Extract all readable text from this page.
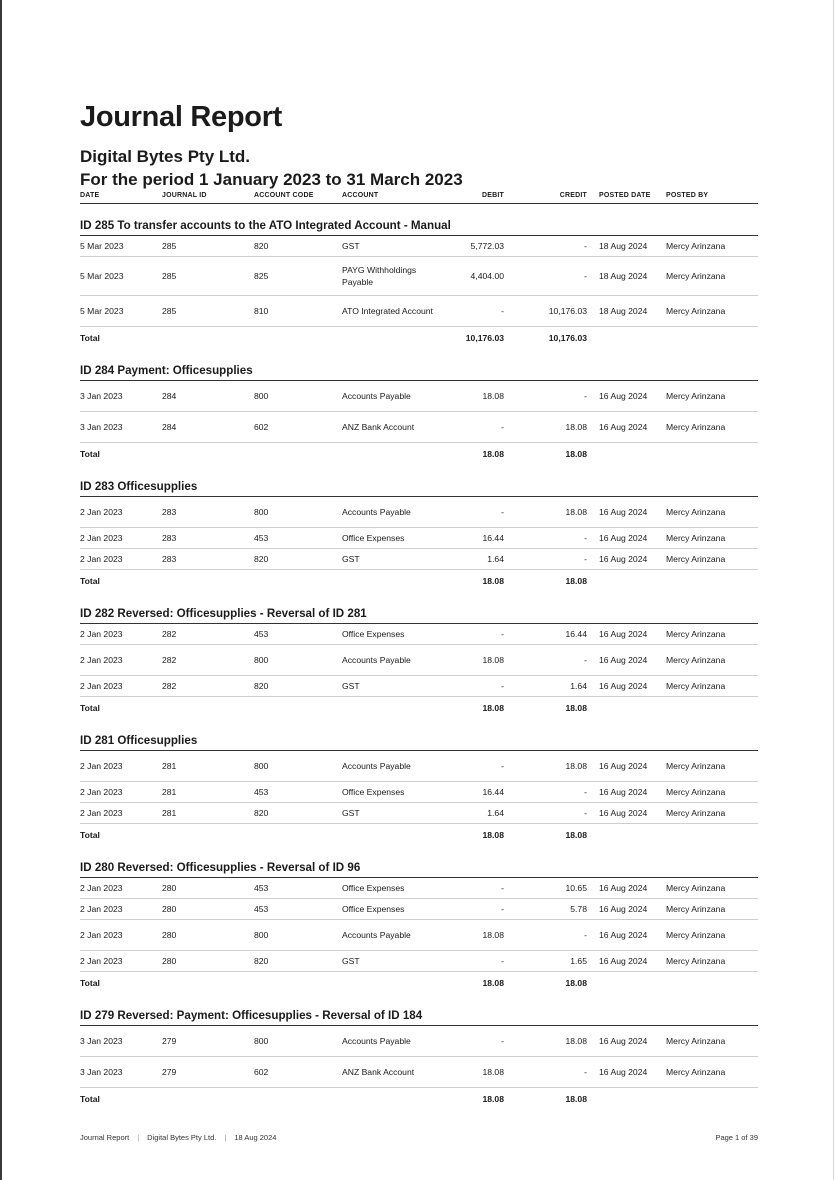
Journal Report
Digital Bytes Pty Ltd.
For the period 1 January 2023 to 31 March 2023
DATE	JOURNAL ID	ACCOUNT CODE	ACCOUNT	DEBIT	CREDIT	POSTED DATE	POSTED BY
ID 285 To transfer accounts to the ATO Integrated Account - Manual							
5 Mar 2023	285	820	GST	5,772.03	-	18 Aug 2024	Mercy Arinzana
5 Mar 2023	285	825	PAYG Withholdings Payable	4,404.00	-	18 Aug 2024	Mercy Arinzana
5 Mar 2023	285	810	ATO Integrated Account	-	10,176.03	18 Aug 2024	Mercy Arinzana
Total				10,176.03	10,176.03		
ID 284 Payment: Officesupplies							
3 Jan 2023	284	800	Accounts Payable	18.08	-	16 Aug 2024	Mercy Arinzana
3 Jan 2023	284	602	ANZ Bank Account	-	18.08	16 Aug 2024	Mercy Arinzana
Total				18.08	18.08		
ID 283 Officesupplies							
2 Jan 2023	283	800	Accounts Payable	-	18.08	16 Aug 2024	Mercy Arinzana
2 Jan 2023	283	453	Office Expenses	16.44	-	16 Aug 2024	Mercy Arinzana
2 Jan 2023	283	820	GST	1.64	-	16 Aug 2024	Mercy Arinzana
Total				18.08	18.08		
ID 282 Reversed: Officesupplies - Reversal of ID 281							
2 Jan 2023	282	453	Office Expenses	-	16.44	16 Aug 2024	Mercy Arinzana
2 Jan 2023	282	800	Accounts Payable	18.08	-	16 Aug 2024	Mercy Arinzana
2 Jan 2023	282	820	GST	-	1.64	16 Aug 2024	Mercy Arinzana
Total				18.08	18.08		
ID 281 Officesupplies							
2 Jan 2023	281	800	Accounts Payable	-	18.08	16 Aug 2024	Mercy Arinzana
2 Jan 2023	281	453	Office Expenses	16.44	-	16 Aug 2024	Mercy Arinzana
2 Jan 2023	281	820	GST	1.64	-	16 Aug 2024	Mercy Arinzana
Total				18.08	18.08		
ID 280 Reversed: Officesupplies - Reversal of ID 96							
2 Jan 2023	280	453	Office Expenses	-	10.65	16 Aug 2024	Mercy Arinzana
2 Jan 2023	280	453	Office Expenses	-	5.78	16 Aug 2024	Mercy Arinzana
2 Jan 2023	280	800	Accounts Payable	18.08	-	16 Aug 2024	Mercy Arinzana
2 Jan 2023	280	820	GST	-	1.65	16 Aug 2024	Mercy Arinzana
Total				18.08	18.08		
ID 279 Reversed: Payment: Officesupplies - Reversal of ID 184							
3 Jan 2023	279	800	Accounts Payable	-	18.08	16 Aug 2024	Mercy Arinzana
3 Jan 2023	279	602	ANZ Bank Account	18.08	-	16 Aug 2024	Mercy Arinzana
Total				18.08	18.08		
Journal Report | Digital Bytes Pty Ltd. | 18 Aug 2024	Page 1 of 39
